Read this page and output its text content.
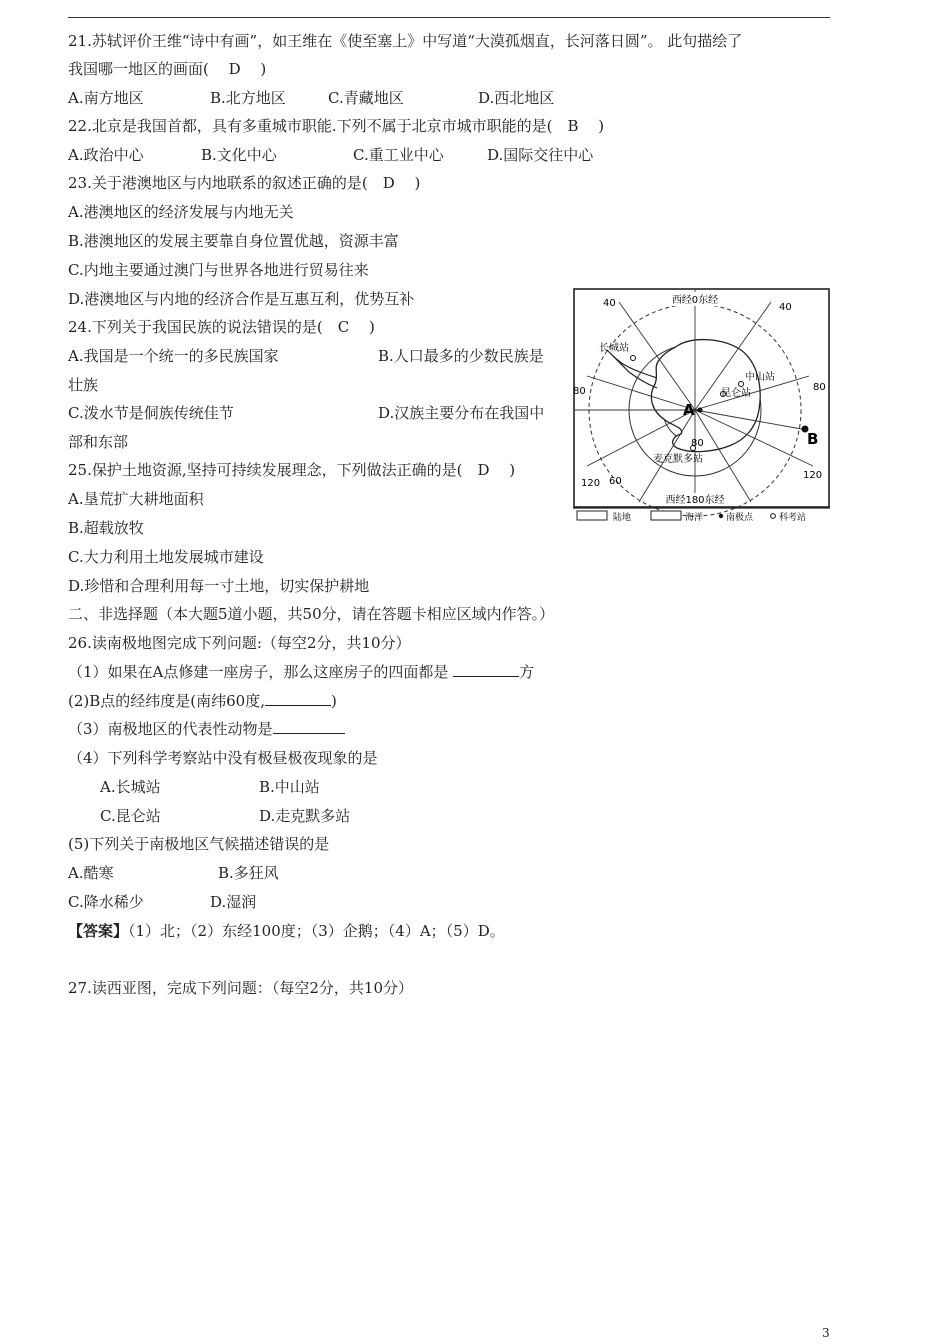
21.苏轼评价王维“诗中有画”，如王维在《使至塞上》中写道“大漠孤烟直，长河落日圆”。 此句描绘了
我国哪一地区的画面(　 D　 )
A.南方地区	B.北方地区	C.青藏地区	D.西北地区
22.北京是我国首都，具有多重城市职能.下列不属于北京市城市职能的是(　B　 )
A.政治中心	B.文化中心	C.重工业中心	D.国际交往中心
23.关于港澳地区与内地联系的叙述正确的是(　D　 )
A.港澳地区的经济发展与内地无关
B.港澳地区的发展主要靠自身位置优越，资源丰富
C.内地主要通过澳门与世界各地进行贸易往来
D.港澳地区与内地的经济合作是互惠互利，优势互补
24.下列关于我国民族的说法错误的是(　C　 )
A.我国是一个统一的多民族国家	B.人口最多的少数民族是
壮族
C.泼水节是侗族传统佳节	D.汉族主要分布在我国中
部和东部
25.保护土地资源,坚持可持续发展理念，下列做法正确的是(　D　 )
A.垦荒扩大耕地面积
B.超载放牧
C.大力利用土地发展城市建设
D.珍惜和合理利用每一寸土地，切实保护耕地
二、非选择题（本大题5道小题，共50分，请在答题卡相应区域内作答。）
26.读南极地图完成下列问题:（每空2分，共10分）
（1）如果在A点修建一座房子，那么这座房子的四面都是	方
(2)B点的经纬度是(南纬60度,	)
（3）南极地区的代表性动物是
（4）下列科学考察站中没有极昼极夜现象的是
A.长城站	B.中山站
C.昆仑站	D.走克默多站
(5)下列关于南极地区气候描述错误的是
A.酷寒	B.多狂风
C.降水稀少	D.湿润
【答案】（1）北；（2）东经100度；（3）企鹅；（4）A；（5）D。
27.读西亚图，完成下列问题：（每空2分，共10分）
西经0东经
西经180东经
40	40
80	80
120
120
60
80
A
B
长城站
中山站
昆仑站
麦克默多站
陆地	海洋	南极点	科考站
3
